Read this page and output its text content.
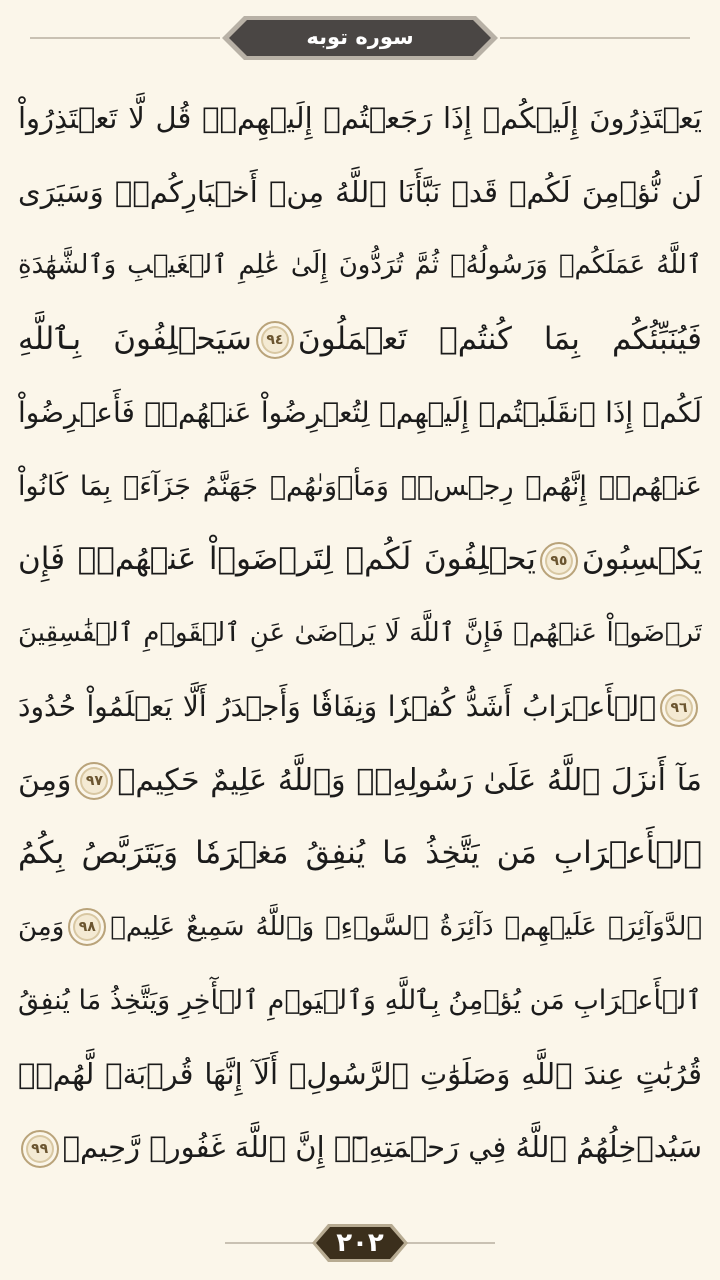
سوره توبه
يَعۡتَذِرُونَ إِلَيۡكُمۡ إِذَا رَجَعۡتُمۡ إِلَيۡهِمۡۚ قُل لَّا تَعۡتَذِرُواْ
لَن نُّؤۡمِنَ لَكُمۡ قَدۡ نَبَّأَنَا ٱللَّهُ مِنۡ أَخۡبَارِكُمۡۚ وَسَيَرَى
ٱللَّهُ عَمَلَكُمۡ وَرَسُولُهُۥ ثُمَّ تُرَدُّونَ إِلَىٰ عَٰلِمِ ٱلۡغَيۡبِ وَٱلشَّهَٰدَةِ
فَيُنَبِّئُكُم بِمَا كُنتُمۡ تَعۡمَلُونَ٩٤سَيَحۡلِفُونَ بِٱللَّهِ
لَكُمۡ إِذَا ٱنقَلَبۡتُمۡ إِلَيۡهِمۡ لِتُعۡرِضُواْ عَنۡهُمۡۖ فَأَعۡرِضُواْ
عَنۡهُمۡۖ إِنَّهُمۡ رِجۡسٞۖ وَمَأۡوَىٰهُمۡ جَهَنَّمُ جَزَآءَۢ بِمَا كَانُواْ
يَكۡسِبُونَ٩٥يَحۡلِفُونَ لَكُمۡ لِتَرۡضَوۡاْ عَنۡهُمۡۖ فَإِن
تَرۡضَوۡاْ عَنۡهُمۡ فَإِنَّ ٱللَّهَ لَا يَرۡضَىٰ عَنِ ٱلۡقَوۡمِ ٱلۡفَٰسِقِينَ
٩٦ٱلۡأَعۡرَابُ أَشَدُّ كُفۡرٗا وَنِفَاقٗا وَأَجۡدَرُ أَلَّا يَعۡلَمُواْ حُدُودَ
مَآ أَنزَلَ ٱللَّهُ عَلَىٰ رَسُولِهِۦۗ وَٱللَّهُ عَلِيمٌ حَكِيمٞ٩٧وَمِنَ
ٱلۡأَعۡرَابِ مَن يَتَّخِذُ مَا يُنفِقُ مَغۡرَمٗا وَيَتَرَبَّصُ بِكُمُ
ٱلدَّوَآئِرَۚ عَلَيۡهِمۡ دَآئِرَةُ ٱلسَّوۡءِۗ وَٱللَّهُ سَمِيعٌ عَلِيمٞ٩٨وَمِنَ
ٱلۡأَعۡرَابِ مَن يُؤۡمِنُ بِٱللَّهِ وَٱلۡيَوۡمِ ٱلۡأٓخِرِ وَيَتَّخِذُ مَا يُنفِقُ
قُرُبَٰتٍ عِندَ ٱللَّهِ وَصَلَوَٰتِ ٱلرَّسُولِۚ أَلَآ إِنَّهَا قُرۡبَةٞ لَّهُمۡۚ
سَيُدۡخِلُهُمُ ٱللَّهُ فِي رَحۡمَتِهِۦٓۚ إِنَّ ٱللَّهَ غَفُورٞ رَّحِيمٞ٩٩
٢٠٢
